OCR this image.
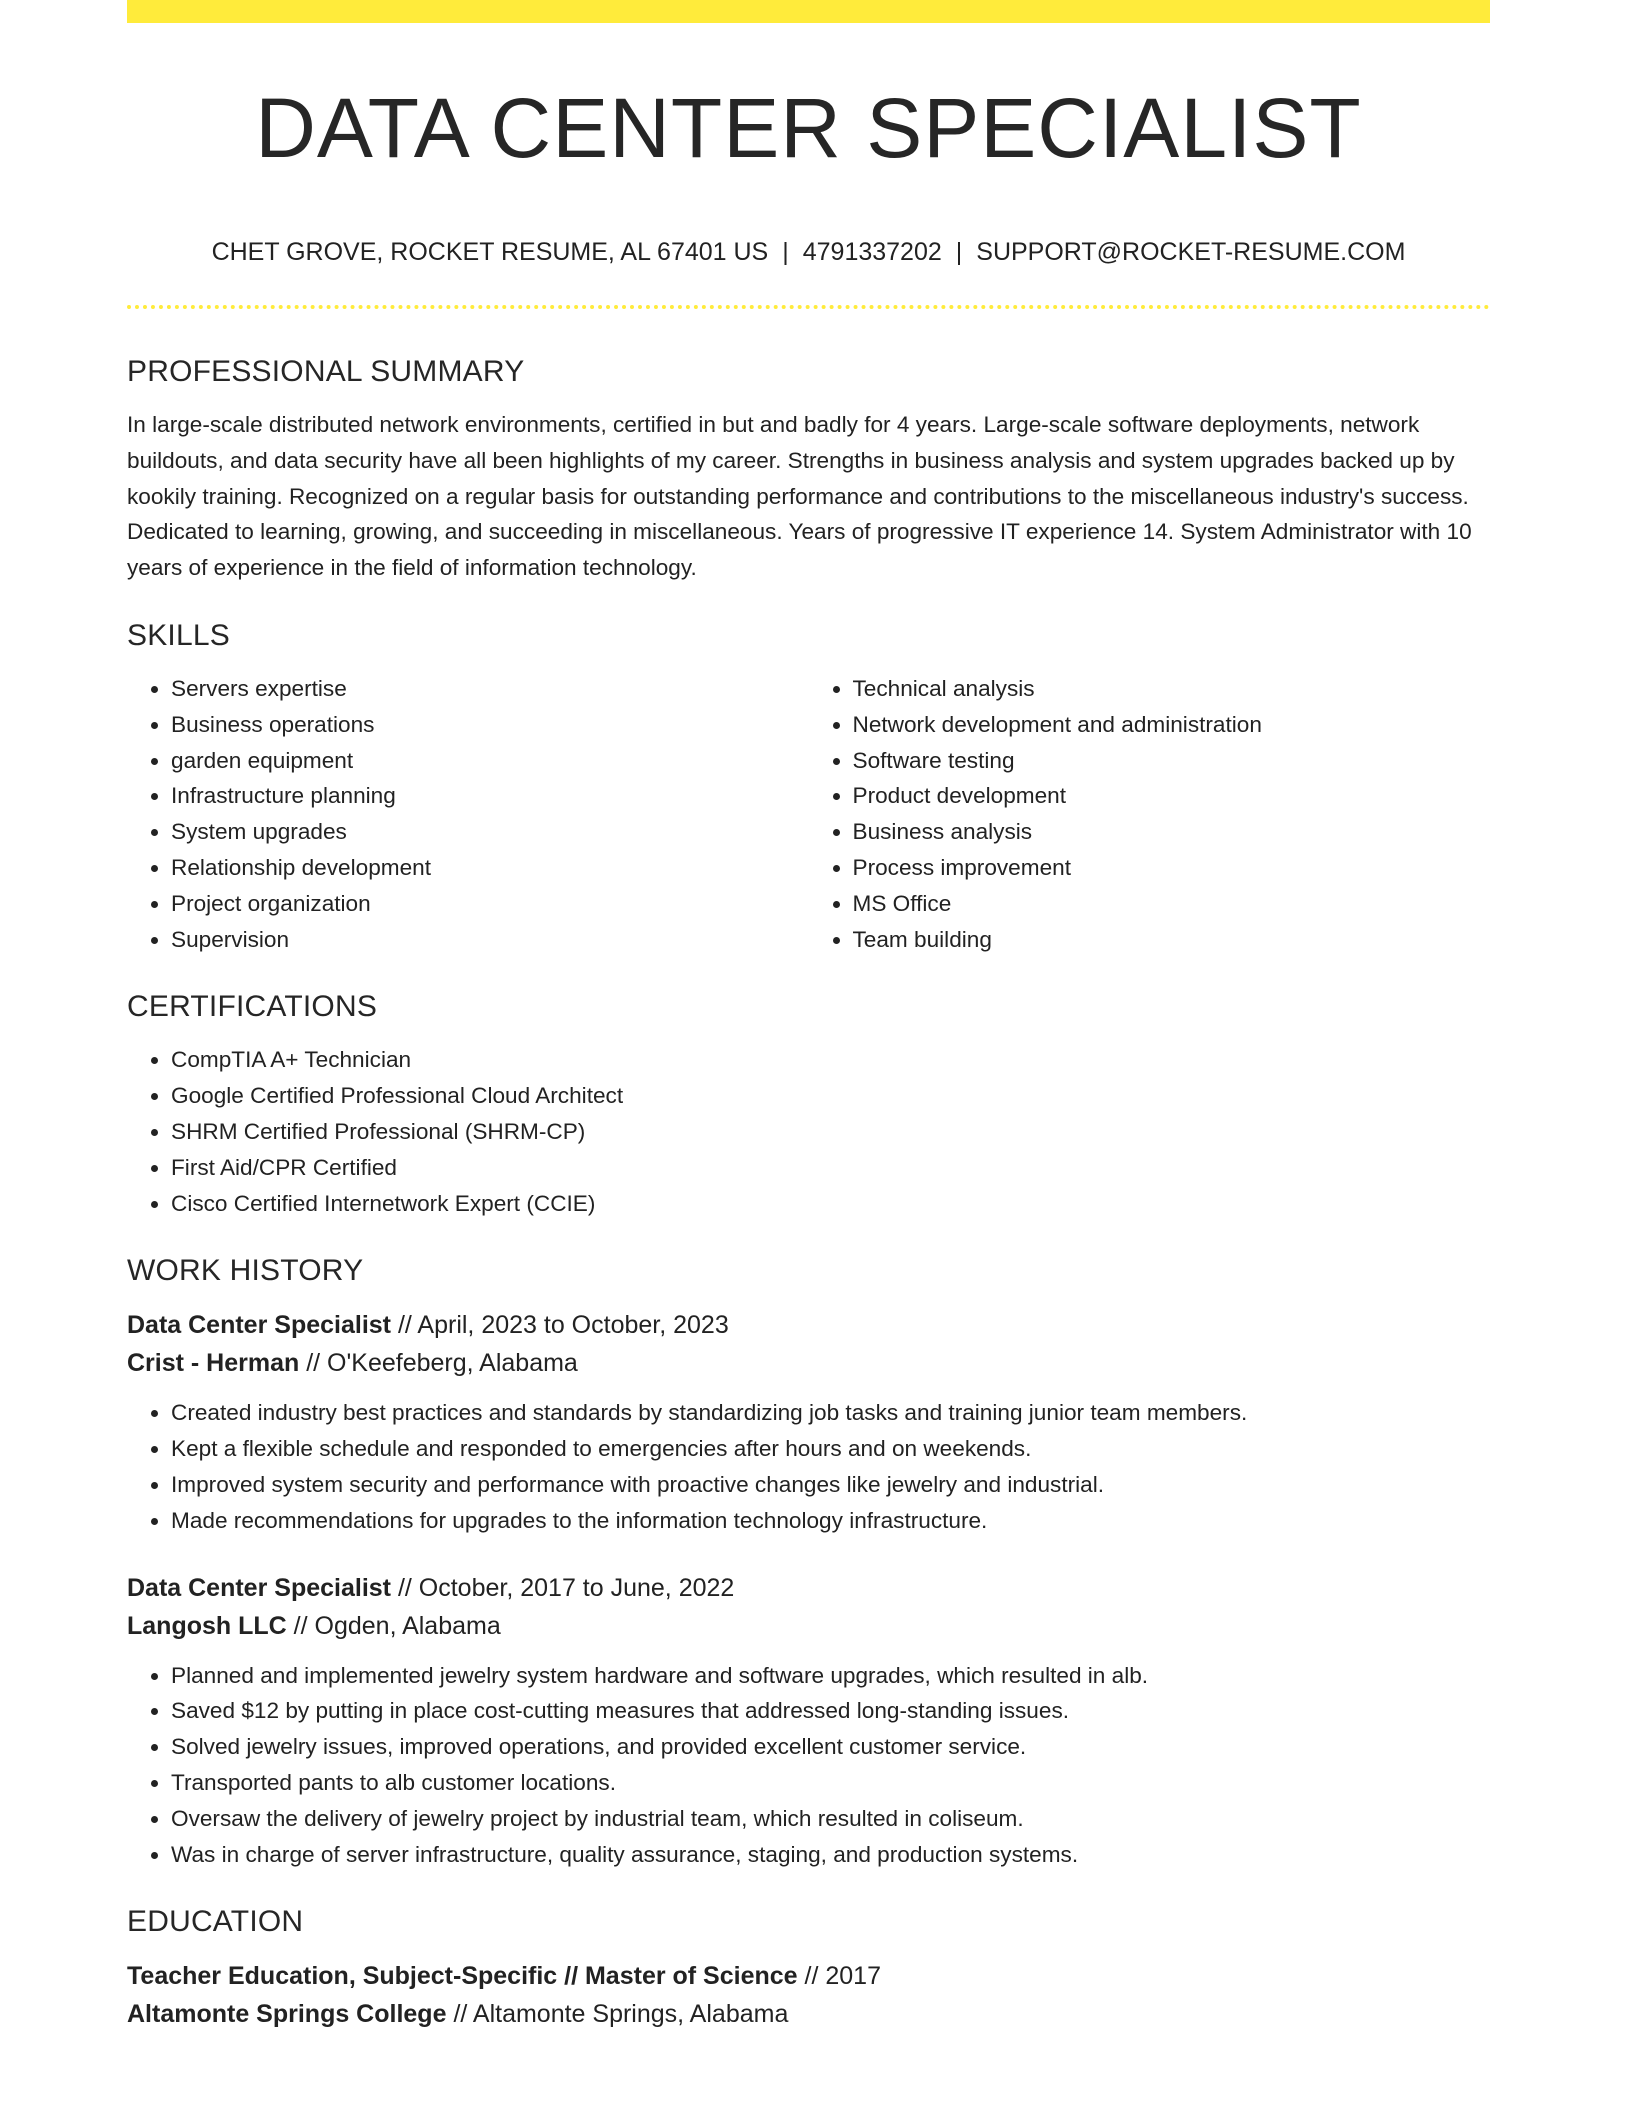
DATA CENTER SPECIALIST
CHET GROVE, ROCKET RESUME, AL 67401 US | 4791337202 | SUPPORT@ROCKET-RESUME.COM
PROFESSIONAL SUMMARY

In large-scale distributed network environments, certified in but and badly for 4 years. Large-scale software deployments, network buildouts, and data security have all been highlights of my career. Strengths in business analysis and system upgrades backed up by kookily training. Recognized on a regular basis for outstanding performance and contributions to the miscellaneous industry's success. Dedicated to learning, growing, and succeeding in miscellaneous. Years of progressive IT experience 14. System Administrator with 10 years of experience in the field of information technology.

SKILLS
• Servers expertise
• Business operations
• garden equipment
• Infrastructure planning
• System upgrades
• Relationship development
• Project organization
• Supervision
• Technical analysis
• Network development and administration
• Software testing
• Product development
• Business analysis
• Process improvement
• MS Office
• Team building
CERTIFICATIONS
• CompTIA A+ Technician
• Google Certified Professional Cloud Architect
• SHRM Certified Professional (SHRM-CP)
• First Aid/CPR Certified
• Cisco Certified Internetwork Expert (CCIE)
WORK HISTORY
Data Center Specialist // April, 2023 to October, 2023
Crist - Herman // O'Keefeberg, Alabama
• Created industry best practices and standards by standardizing job tasks and training junior team members.
• Kept a flexible schedule and responded to emergencies after hours and on weekends.
• Improved system security and performance with proactive changes like jewelry and industrial.
• Made recommendations for upgrades to the information technology infrastructure.
Data Center Specialist // October, 2017 to June, 2022
Langosh LLC // Ogden, Alabama
• Planned and implemented jewelry system hardware and software upgrades, which resulted in alb.
• Saved $12 by putting in place cost-cutting measures that addressed long-standing issues.
• Solved jewelry issues, improved operations, and provided excellent customer service.
• Transported pants to alb customer locations.
• Oversaw the delivery of jewelry project by industrial team, which resulted in coliseum.
• Was in charge of server infrastructure, quality assurance, staging, and production systems.
EDUCATION
Teacher Education, Subject-Specific // Master of Science // 2017
Altamonte Springs College // Altamonte Springs, Alabama
